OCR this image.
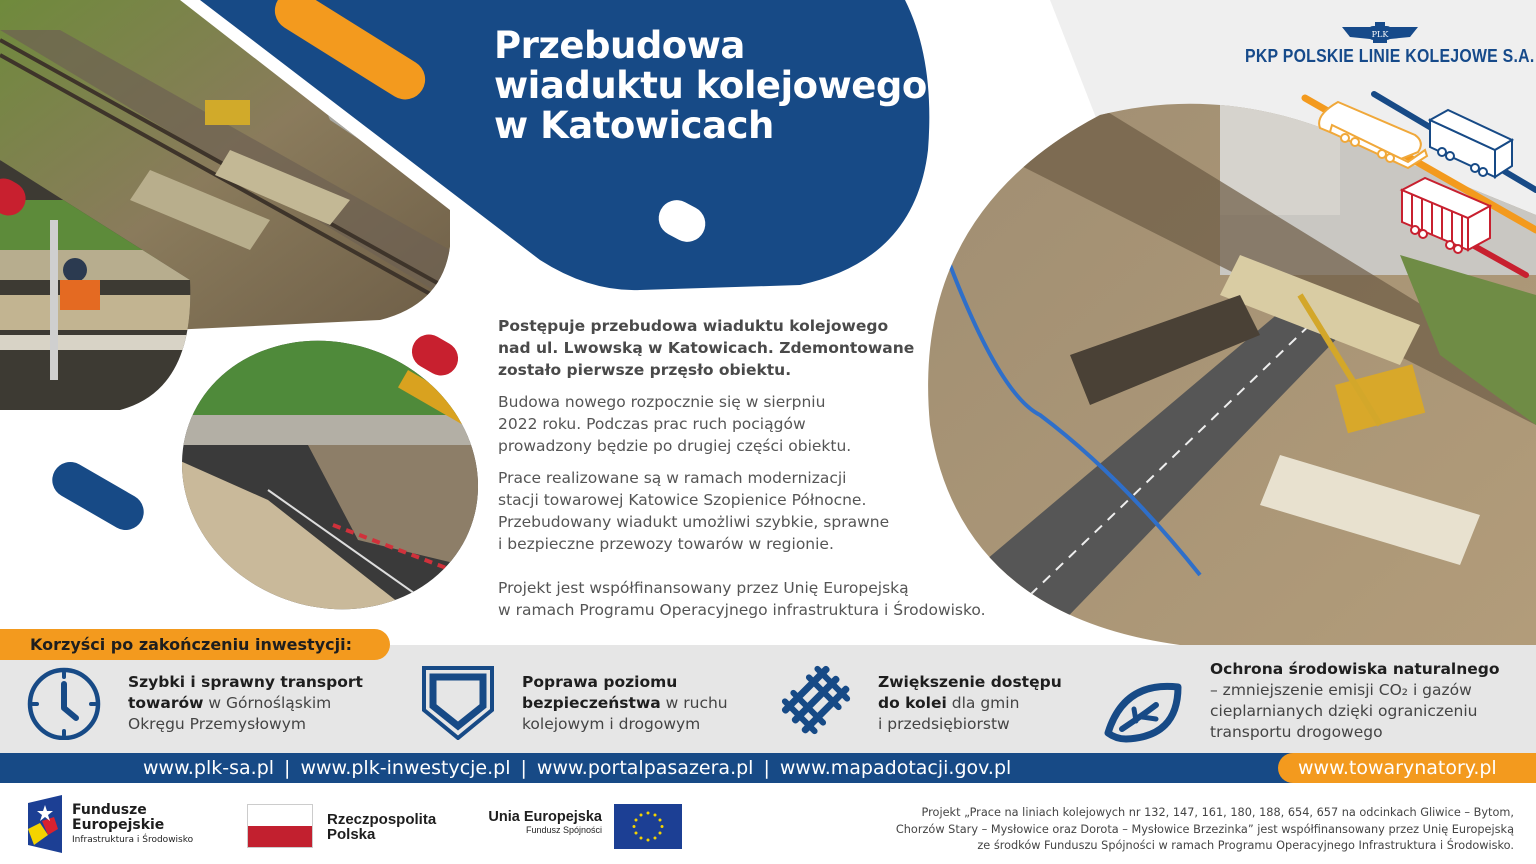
Przebudowa
wiaduktu kolejowego
w Katowicach
PLK
PKP POLSKIE LINIE KOLEJOWE S.A.

Postępuje przebudowa wiaduktu kolejowego
nad ul. Lwowską w Katowicach. Zdemontowane
zostało pierwsze przęsło obiektu.

Budowa nowego rozpocznie się w sierpniu
2022 roku. Podczas prac ruch pociągów
prowadzony będzie po drugiej części obiektu.

Prace realizowane są w ramach modernizacji
stacji towarowej Katowice Szopienice Północne.
Przebudowany wiadukt umożliwi szybkie, sprawne
i bezpieczne przewozy towarów w regionie.

Projekt jest współfinansowany przez Unię Europejską
w ramach Programu Operacyjnego infrastruktura i Środowisko.

Korzyści po zakończeniu inwestycji:
Szybki i sprawny transport
towarów w Górnośląskim
Okręgu Przemysłowym
Poprawa poziomu
bezpieczeństwa w ruchu
kolejowym i drogowym
Zwiększenie dostępu
do kolei dla gmin
i przedsiębiorstw
Ochrona środowiska naturalnego
– zmniejszenie emisji CO₂ i gazów
cieplarnianych dzięki ograniczeniu
transportu drogowego
www.plk-sa.pl | www.plk-inwestycje.pl | www.portalpasazera.pl | www.mapadotacji.gov.pl	www.towarynatory.pl
Fundusze
Europejskie
Infrastruktura i Środowisko
Rzeczpospolita
Polska
Unia Europejska
Fundusz Spójności
Projekt „Prace na liniach kolejowych nr 132, 147, 161, 180, 188, 654, 657 na odcinkach Gliwice – Bytom,
Chorzów Stary – Mysłowice oraz Dorota – Mysłowice Brzezinka” jest współfinansowany przez Unię Europejską
ze środków Funduszu Spójności w ramach Programu Operacyjnego Infrastruktura i Środowisko.
